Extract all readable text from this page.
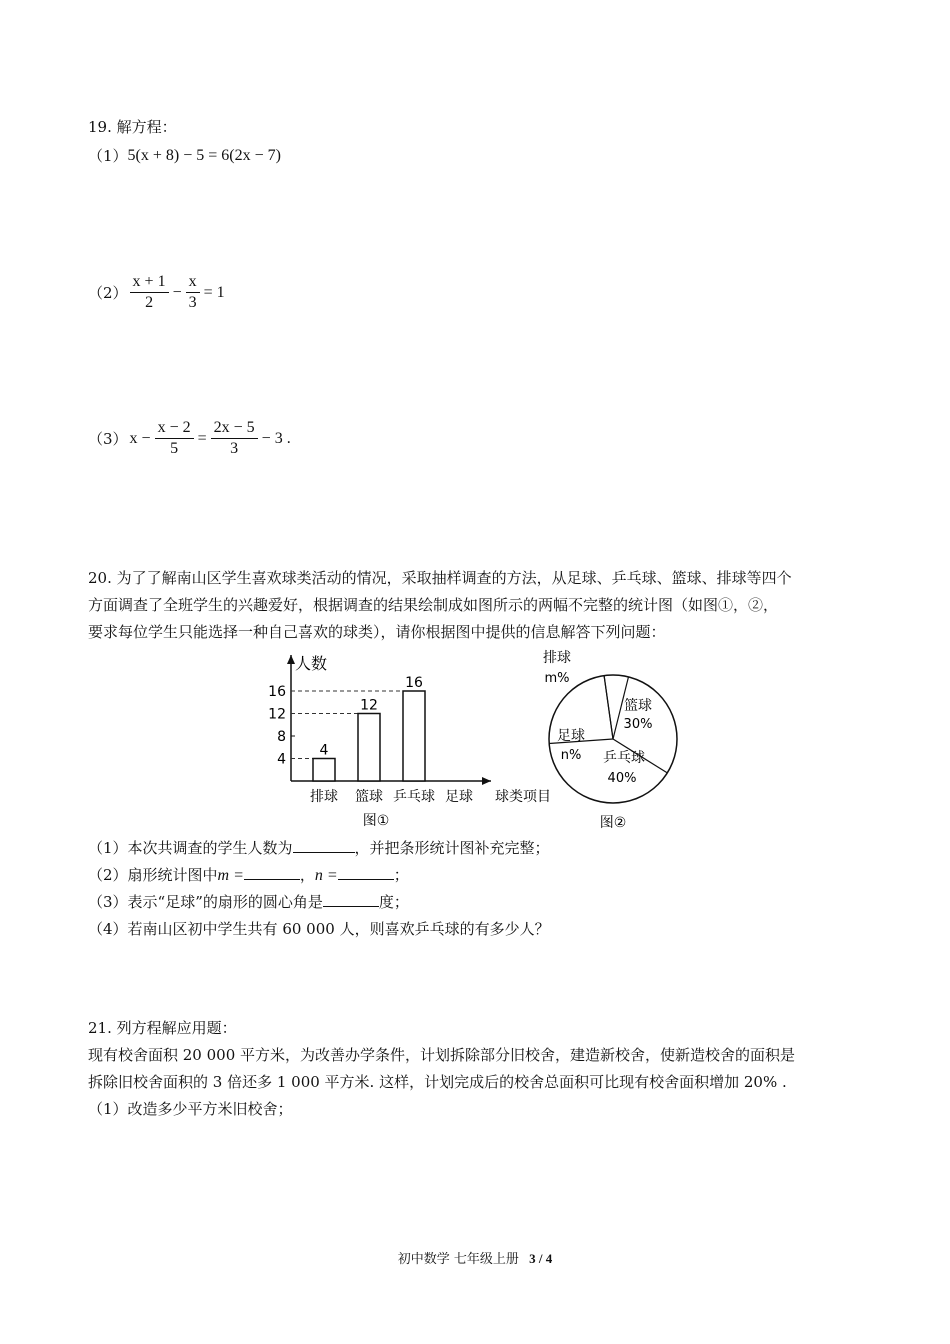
19. 解方程：
（1） 5(x + 8) − 5 = 6(2x − 7)
$(2) \frac{x + 1}{2} - \frac{x}{3} = 1$
（3） $x - \frac{x - 2}{5} = \frac{2x - 5}{3} - 3$ .
20. 为了了解南山区学生喜欢球类活动的情况，采取抽样调查的方法，从足球、乒乓球、篮球、排球等四个
方面调查了全班学生的兴趣爱好，根据调查的结果绘制成如图所示的两幅不完整的统计图（如图①，②，
要求每位学生只能选择一种自己喜欢的球类），请你根据图中提供的信息解答下列问题：
人数
4
8
12
16
排球
4
篮球
12
乒乓球
16
足球 球类项目
图①
排球
m%
篮球
30%
乒乓球
40%
足球
n%
图②
（1）本次共调查的学生人数为	，并把条形统计图补充完整；
（2）扇形统计图中m =	，n =	；
（3）表示“足球”的扇形的圆心角是	度；
（4）若南山区初中学生共有 60 000 人，则喜欢乒乓球的有多少人？
21. 列方程解应用题：
现有校舍面积 20 000 平方米，为改善办学条件，计划拆除部分旧校舍，建造新校舍，使新造校舍的面积是
拆除旧校舍面积的 3 倍还多 1 000 平方米. 这样，计划完成后的校舍总面积可比现有校舍面积增加 20% .
（1）改造多少平方米旧校舍；
初中数学 七年级上册 3 / 4
